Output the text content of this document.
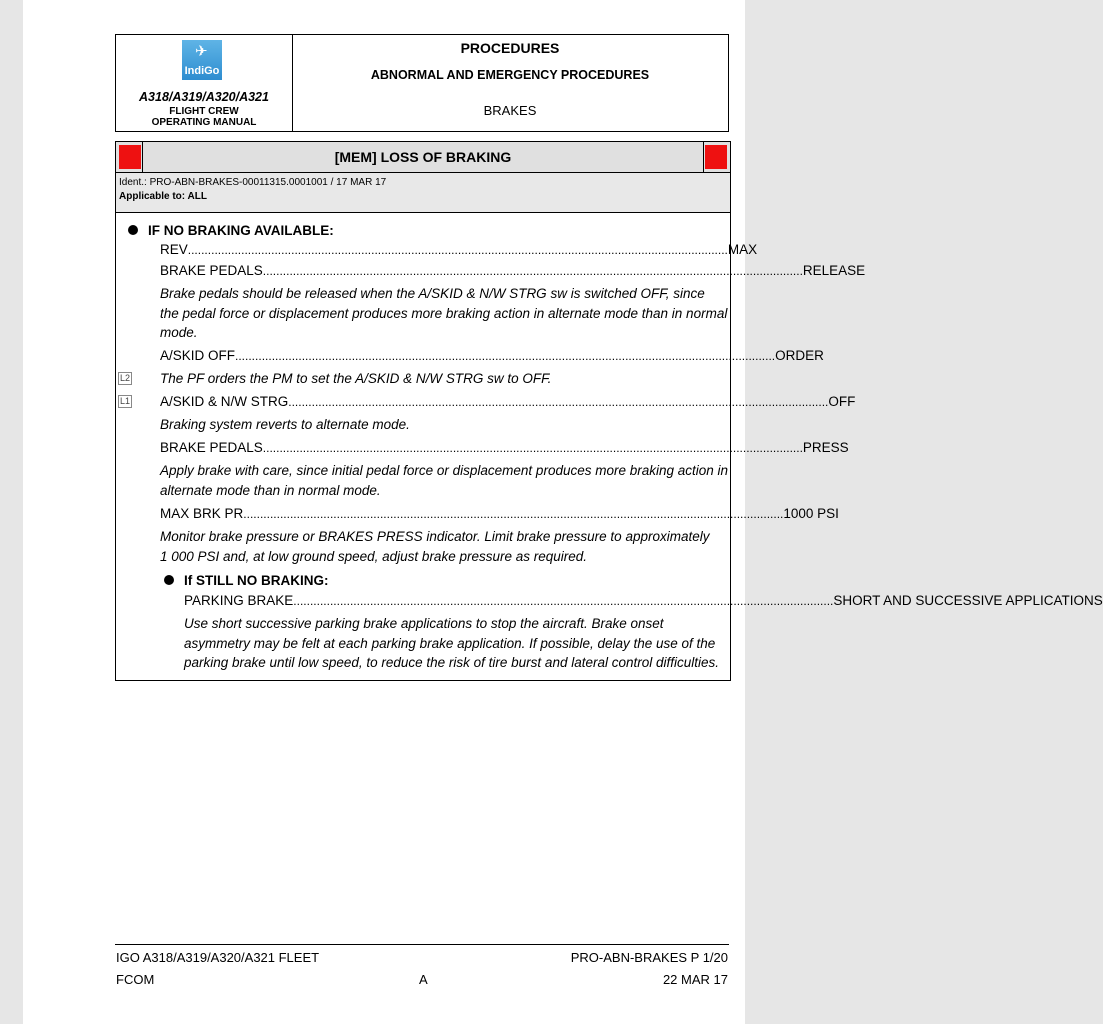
✈
IndiGo
A318/A319/A320/A321
FLIGHT CREW
OPERATING MANUAL
PROCEDURES
ABNORMAL AND EMERGENCY PROCEDURES
BRAKES
[MEM] LOSS OF BRAKING
Ident.: PRO-ABN-BRAKES-00011315.0001001 / 17 MAR 17
Applicable to: ALL
IF NO BRAKING AVAILABLE:
REV .................................................................................................................................................................. MAX
BRAKE PEDALS .................................................................................................................................................................. RELEASE
Brake pedals should be released when the A/SKID & N/W STRG sw is switched OFF, since
the pedal force or displacement produces more braking action in alternate mode than in normal
mode.
A/SKID OFF .................................................................................................................................................................. ORDER
L2 The PF orders the PM to set the A/SKID & N/W STRG sw to OFF.
L1 A/SKID & N/W STRG .................................................................................................................................................................. OFF
Braking system reverts to alternate mode.
BRAKE PEDALS .................................................................................................................................................................. PRESS
Apply brake with care, since initial pedal force or displacement produces more braking action in
alternate mode than in normal mode.
MAX BRK PR .................................................................................................................................................................. 1000 PSI
Monitor brake pressure or BRAKES PRESS indicator. Limit brake pressure to approximately
1 000 PSI and, at low ground speed, adjust brake pressure as required.
If STILL NO BRAKING:
PARKING BRAKE .................................................................................................................................................................. SHORT AND SUCCESSIVE APPLICATIONS
Use short successive parking brake applications to stop the aircraft. Brake onset
asymmetry may be felt at each parking brake application. If possible, delay the use of the
parking brake until low speed, to reduce the risk of tire burst and lateral control difficulties.
IGO A318/A319/A320/A321 FLEET	PRO-ABN-BRAKES P 1/20
FCOM	A	22 MAR 17
